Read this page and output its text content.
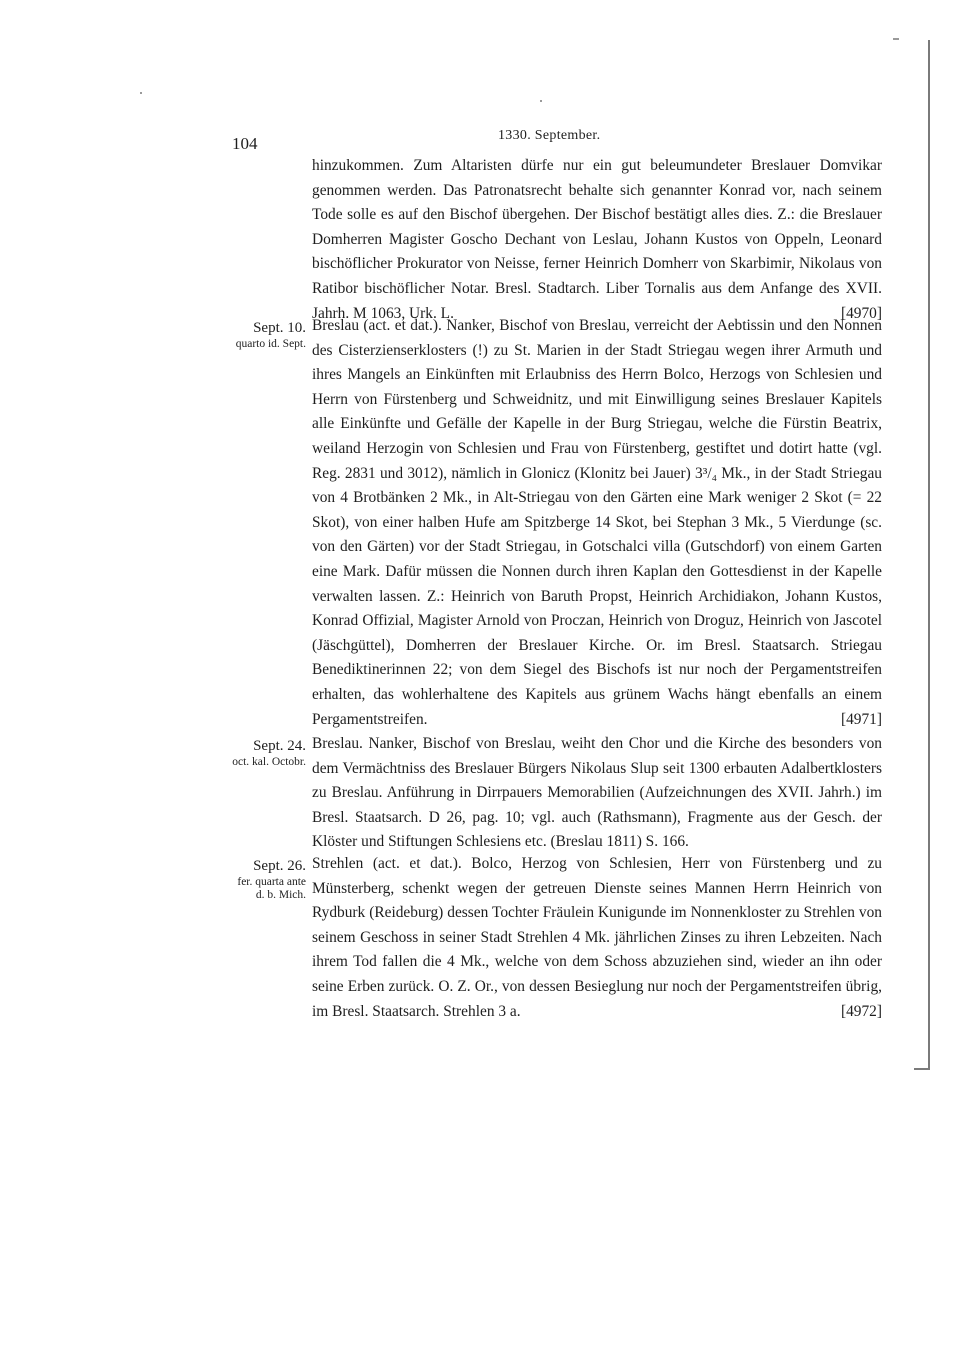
104	1330. September.
hinzukommen. Zum Altaristen dürfe nur ein gut beleumundeter Breslauer Domvikar genommen werden. Das Patronatsrecht behalte sich genannter Konrad vor, nach seinem Tode solle es auf den Bischof übergehen. Der Bischof bestätigt alles dies. Z.: die Breslauer Domherren Magister Goscho Dechant von Leslau, Johann Kustos von Oppeln, Leonard bischöflicher Prokurator von Neisse, ferner Heinrich Domherr von Skarbimir, Nikolaus von Ratibor bischöflicher Notar. Bresl. Stadtarch. Liber Tornalis aus dem Anfange des XVII. Jahrh. M 1063, Urk. L.	[4970]
Sept. 10.
quarto id. Sept.
Breslau (act. et dat.). Nanker, Bischof von Breslau, verreicht der Aebtissin und den Nonnen des Cisterzienserklosters (!) zu St. Marien in der Stadt Striegau wegen ihrer Armuth und ihres Mangels an Einkünften mit Erlaubniss des Herrn Bolco, Herzogs von Schlesien und Herrn von Fürstenberg und Schweidnitz, und mit Einwilligung seines Breslauer Kapitels alle Einkünfte und Gefälle der Kapelle in der Burg Striegau, welche die Fürstin Beatrix, weiland Herzogin von Schlesien und Frau von Fürstenberg, gestiftet und dotirt hatte (vgl. Reg. 2831 und 3012), nämlich in Glonicz (Klonitz bei Jauer) 3³/₄ Mk., in der Stadt Striegau von 4 Brotbänken 2 Mk., in Alt-Striegau von den Gärten eine Mark weniger 2 Skot (= 22 Skot), von einer halben Hufe am Spitzberge 14 Skot, bei Stephan 3 Mk., 5 Vierdunge (sc. von den Gärten) vor der Stadt Striegau, in Gotschalci villa (Gutschdorf) von einem Garten eine Mark. Dafür müssen die Nonnen durch ihren Kaplan den Gottesdienst in der Kapelle verwalten lassen. Z.: Heinrich von Baruth Propst, Heinrich Archidiakon, Johann Kustos, Konrad Offizial, Magister Arnold von Proczan, Heinrich von Droguz, Heinrich von Jascotel (Jäschgüttel), Domherren der Breslauer Kirche. Or. im Bresl. Staatsarch. Striegau Benediktinerinnen 22; von dem Siegel des Bischofs ist nur noch der Pergamentstreifen erhalten, das wohlerhaltene des Kapitels aus grünem Wachs hängt ebenfalls an einem Pergamentstreifen.	[4971]
Sept. 24.
oct. kal. Octobr.
Breslau. Nanker, Bischof von Breslau, weiht den Chor und die Kirche des besonders von dem Vermächtniss des Breslauer Bürgers Nikolaus Slup seit 1300 erbauten Adalbertklosters zu Breslau. Anführung in Dirrpauers Memorabilien (Aufzeichnungen des XVII. Jahrh.) im Bresl. Staatsarch. D 26, pag. 10; vgl. auch (Rathsmann), Fragmente aus der Gesch. der Klöster und Stiftungen Schlesiens etc. (Breslau 1811) S. 166.
Sept. 26.
fer. quarta ante d. b. Mich.
Strehlen (act. et dat.). Bolco, Herzog von Schlesien, Herr von Fürstenberg und zu Münsterberg, schenkt wegen der getreuen Dienste seines Mannen Herrn Heinrich von Rydburk (Reideburg) dessen Tochter Fräulein Kunigunde im Nonnenkloster zu Strehlen von seinem Geschoss in seiner Stadt Strehlen 4 Mk. jährlichen Zinses zu ihren Lebzeiten. Nach ihrem Tod fallen die 4 Mk., welche von dem Schoss abzuziehen sind, wieder an ihn oder seine Erben zurück. O. Z. Or., von dessen Besieglung nur noch der Pergamentstreifen übrig, im Bresl. Staatsarch. Strehlen 3 a.	[4972]
